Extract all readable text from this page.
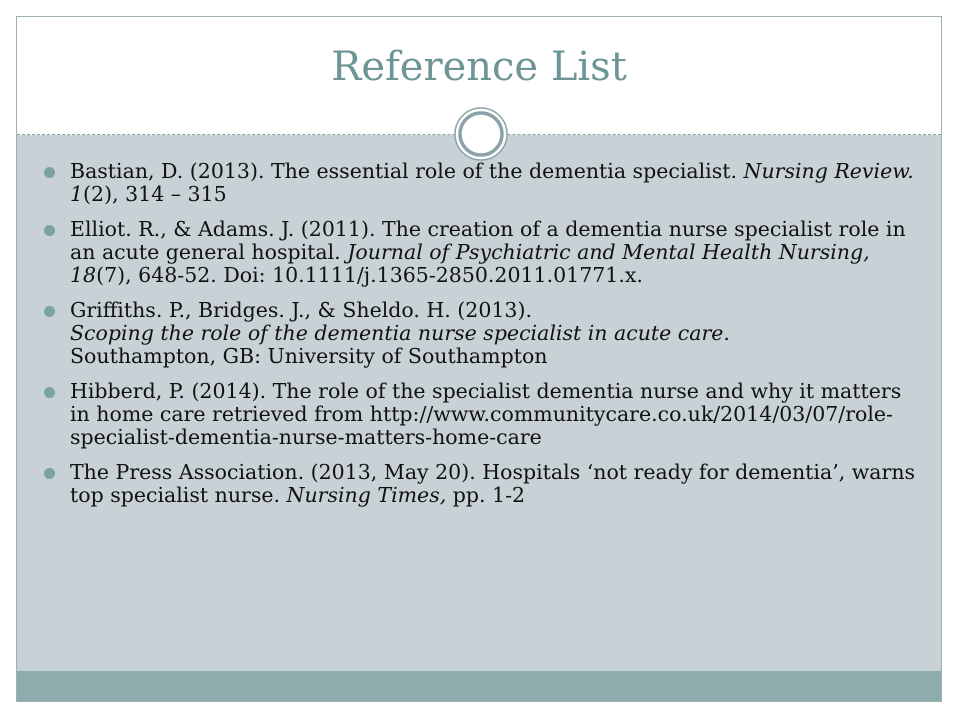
Reference List
Bastian, D. (2013). The essential role of the dementia specialist. Nursing Review. 1(2), 314 – 315
Elliot. R., & Adams. J. (2011). The creation of a dementia nurse specialist role in an acute general hospital. Journal of Psychiatric and Mental Health Nursing, 18(7), 648-52. Doi: 10.1111/j.1365-2850.2011.01771.x.
Griffiths. P., Bridges. J., & Sheldo. H. (2013).
Scoping the role of the dementia nurse specialist in acute care.
Southampton, GB: University of Southampton
Hibberd, P. (2014). The role of the specialist dementia nurse and why it matters in home care retrieved from http://www.communitycare.co.uk/2014/03/07/role-specialist-dementia-nurse-matters-home-care
The Press Association. (2013, May 20). Hospitals ‘not ready for dementia’, warns top specialist nurse. Nursing Times, pp. 1-2
